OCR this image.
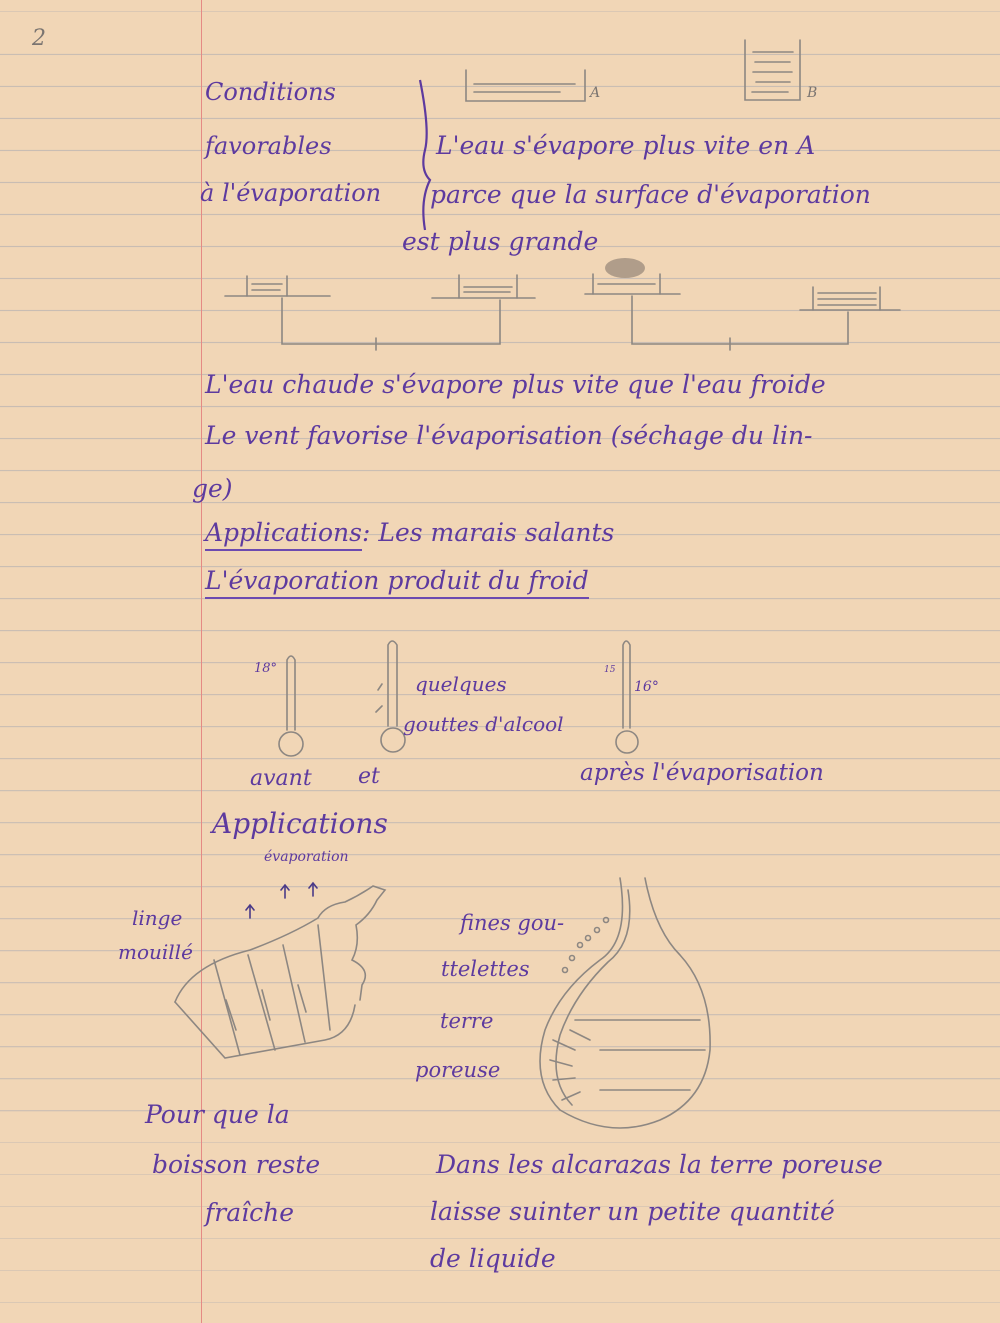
2
Conditions
favorables
à l'évaporation
A	B
L'eau s'évapore plus vite en A
parce que la surface d'évaporation
est plus grande
L'eau chaude s'évapore plus vite que l'eau froide
Le vent favorise l'évaporisation (séchage du lin-
ge)
Applications: Les marais salants
L'évaporation produit du froid
18°
quelques
gouttes d'alcool
15
16°
avant et	après l'évaporisation
Applications
évaporation
linge
mouillé
fines gou-
ttelettes
terre
poreuse
Pour que la
boisson reste
fraîche
Dans les alcarazas la terre poreuse
laisse suinter un petite quantité
de liquide
